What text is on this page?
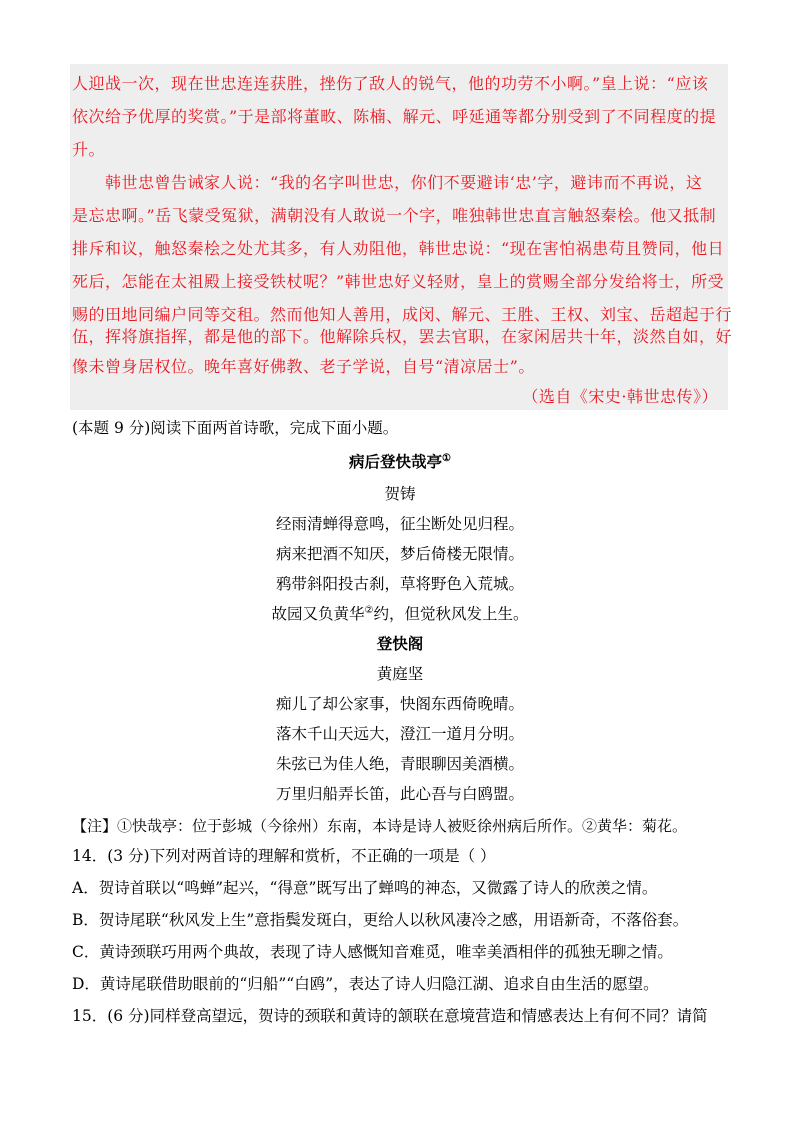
人迎战一次，现在世忠连连获胜，挫伤了敌人的锐气，他的功劳不小啊。”皇上说：“应该
依次给予优厚的奖赏。”于是部将董畋、陈楠、解元、呼延通等都分别受到了不同程度的提
升。
　　韩世忠曾告诫家人说：“我的名字叫世忠，你们不要避讳‘忠’字，避讳而不再说，这
是忘忠啊。”岳飞蒙受冤狱，满朝没有人敢说一个字，唯独韩世忠直言触怒秦桧。他又抵制
排斥和议，触怒秦桧之处尤其多，有人劝阻他，韩世忠说：“现在害怕祸患苟且赞同，他日
死后，怎能在太祖殿上接受铁杖呢？”韩世忠好义轻财，皇上的赏赐全部分发给将士，所受
赐的田地同编户同等交租。然而他知人善用，成闵、解元、王胜、王权、刘宝、岳超起于行
伍，挥将旗指挥，都是他的部下。他解除兵权，罢去官职，在家闲居共十年，淡然自如，好
像未曾身居权位。晚年喜好佛教、老子学说，自号“清凉居士”。
（选自《宋史·韩世忠传》）
(本题 9 分)阅读下面两首诗歌，完成下面小题。
病后登快哉亭①
贺铸
经雨清蝉得意鸣，征尘断处见归程。
病来把酒不知厌，梦后倚楼无限情。
鸦带斜阳投古刹，草将野色入荒城。
故园又负黄华②约，但觉秋风发上生。
登快阁
黄庭坚
痴儿了却公家事，快阁东西倚晚晴。
落木千山天远大，澄江一道月分明。
朱弦已为佳人绝，青眼聊因美酒横。
万里归船弄长笛，此心吾与白鸥盟。
【注】①快哉亭：位于彭城（今徐州）东南，本诗是诗人被贬徐州病后所作。②黄华：菊花。
14．(3 分)下列对两首诗的理解和赏析，不正确的一项是（ ）
A．贺诗首联以“鸣蝉”起兴，“得意”既写出了蝉鸣的神态，又微露了诗人的欣羡之情。
B．贺诗尾联“秋风发上生”意指鬓发斑白，更给人以秋风凄冷之感，用语新奇，不落俗套。
C．黄诗颈联巧用两个典故，表现了诗人感慨知音难觅，唯幸美酒相伴的孤独无聊之情。
D．黄诗尾联借助眼前的“归船”“白鸥”，表达了诗人归隐江湖、追求自由生活的愿望。
15．(6 分)同样登高望远，贺诗的颈联和黄诗的颔联在意境营造和情感表达上有何不同？请简
